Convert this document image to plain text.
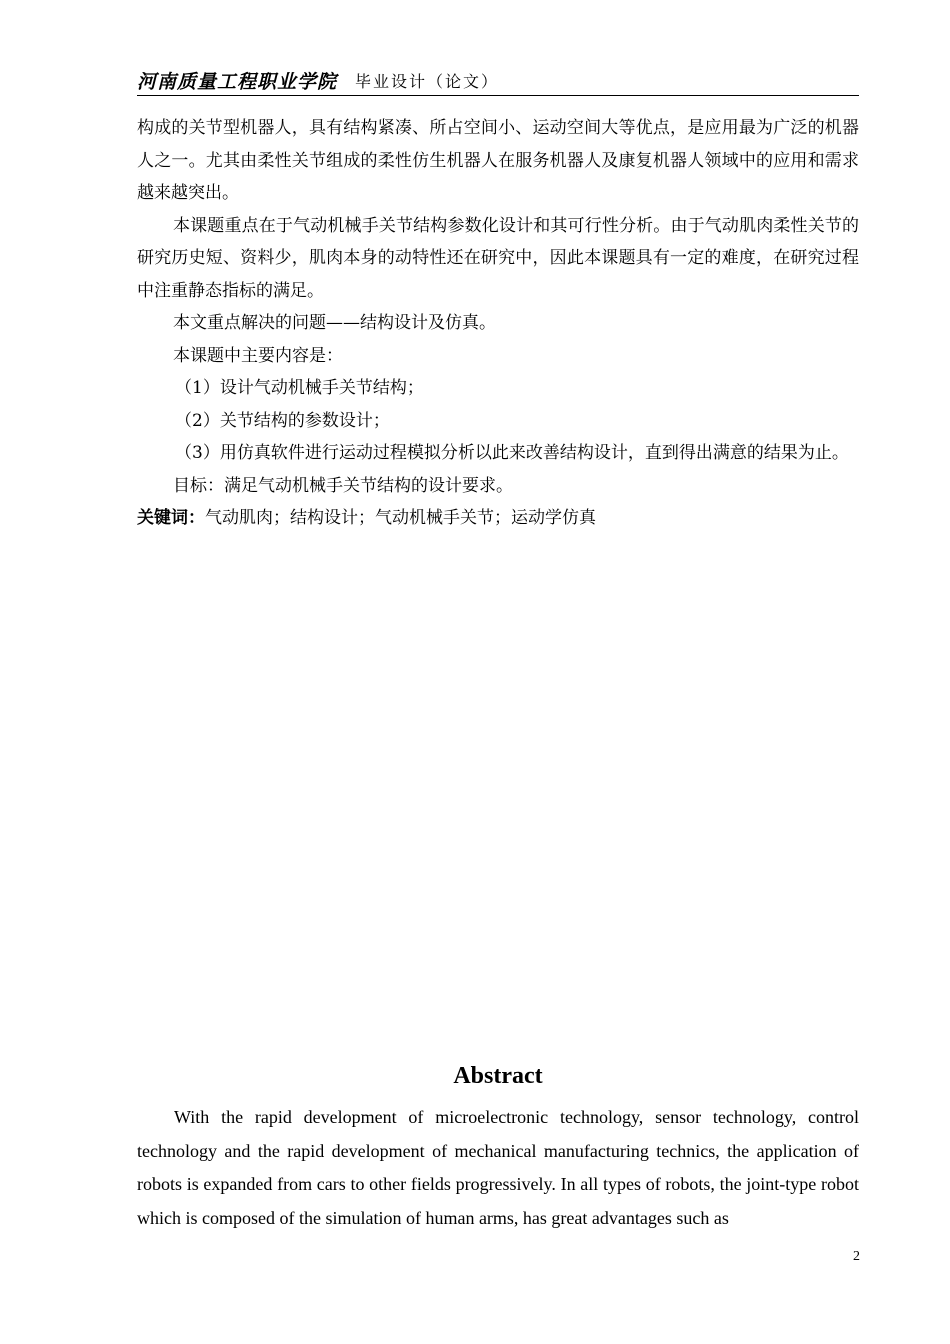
河南质量工程职业学院 毕业设计（论文）

构成的关节型机器人，具有结构紧凑、所占空间小、运动空间大等优点，是应用最为广泛的机器人之一。尤其由柔性关节组成的柔性仿生机器人在服务机器人及康复机器人领域中的应用和需求越来越突出。

本课题重点在于气动机械手关节结构参数化设计和其可行性分析。由于气动肌肉柔性关节的研究历史短、资料少，肌肉本身的动特性还在研究中，因此本课题具有一定的难度，在研究过程中注重静态指标的满足。

本文重点解决的问题——结构设计及仿真。

本课题中主要内容是：

（1）设计气动机械手关节结构；

（2）关节结构的参数设计；

（3）用仿真软件进行运动过程模拟分析以此来改善结构设计，直到得出满意的结果为止。

目标：满足气动机械手关节结构的设计要求。

关键词：气动肌肉；结构设计；气动机械手关节；运动学仿真

Abstract

With the rapid development of microelectronic technology, sensor technology, control technology and the rapid development of mechanical manufacturing technics, the application of robots is expanded from cars to other fields progressively. In all types of robots, the joint-type robot which is composed of the simulation of human arms, has great advantages such as

2
